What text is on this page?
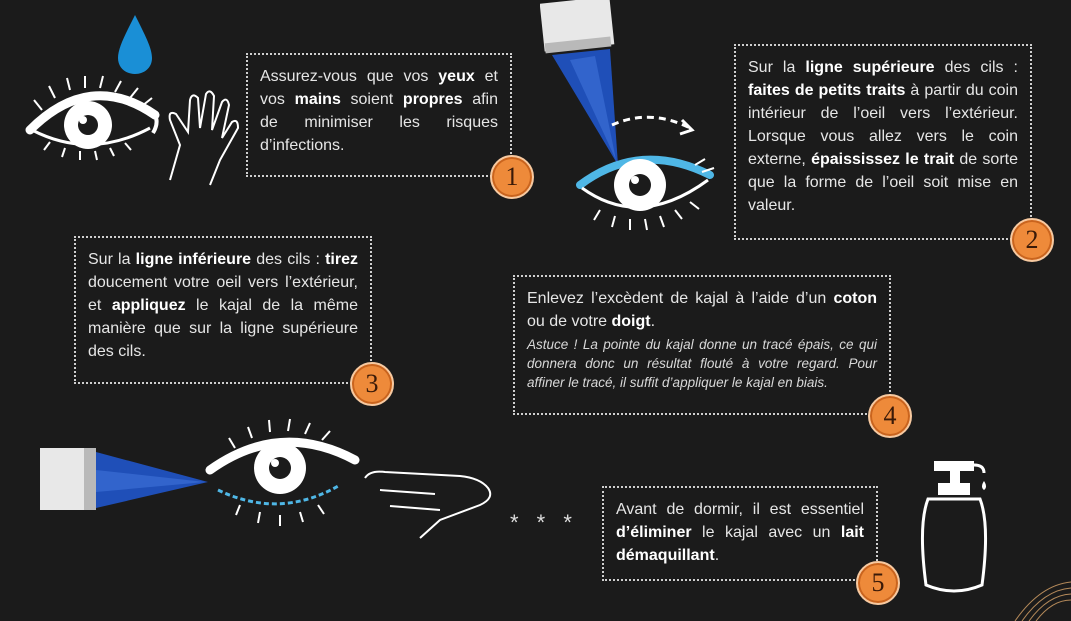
Assurez-vous que vos yeux et vos mains soient propres afin de minimiser les risques d’infections.
1
Sur la ligne supérieure des cils : faites de petits traits à partir du coin intérieur de l’oeil vers l’extérieur. Lorsque vous allez vers le coin externe, épaississez le trait de sorte que la forme de l’oeil soit mise en valeur.
2
Sur la ligne inférieure des cils : tirez doucement votre oeil vers l’extérieur, et appliquez le kajal de la même manière que sur la ligne supérieure des cils.
3
Enlevez l’excèdent de kajal à l’aide d’un coton ou de votre doigt.
Astuce ! La pointe du kajal donne un tracé épais, ce qui donnera donc un résultat flouté à votre regard. Pour affiner le tracé, il suffit d’appliquer le kajal en biais.
4
* * *
Avant de dormir, il est essentiel d’éliminer le kajal avec un lait démaquillant.
5
